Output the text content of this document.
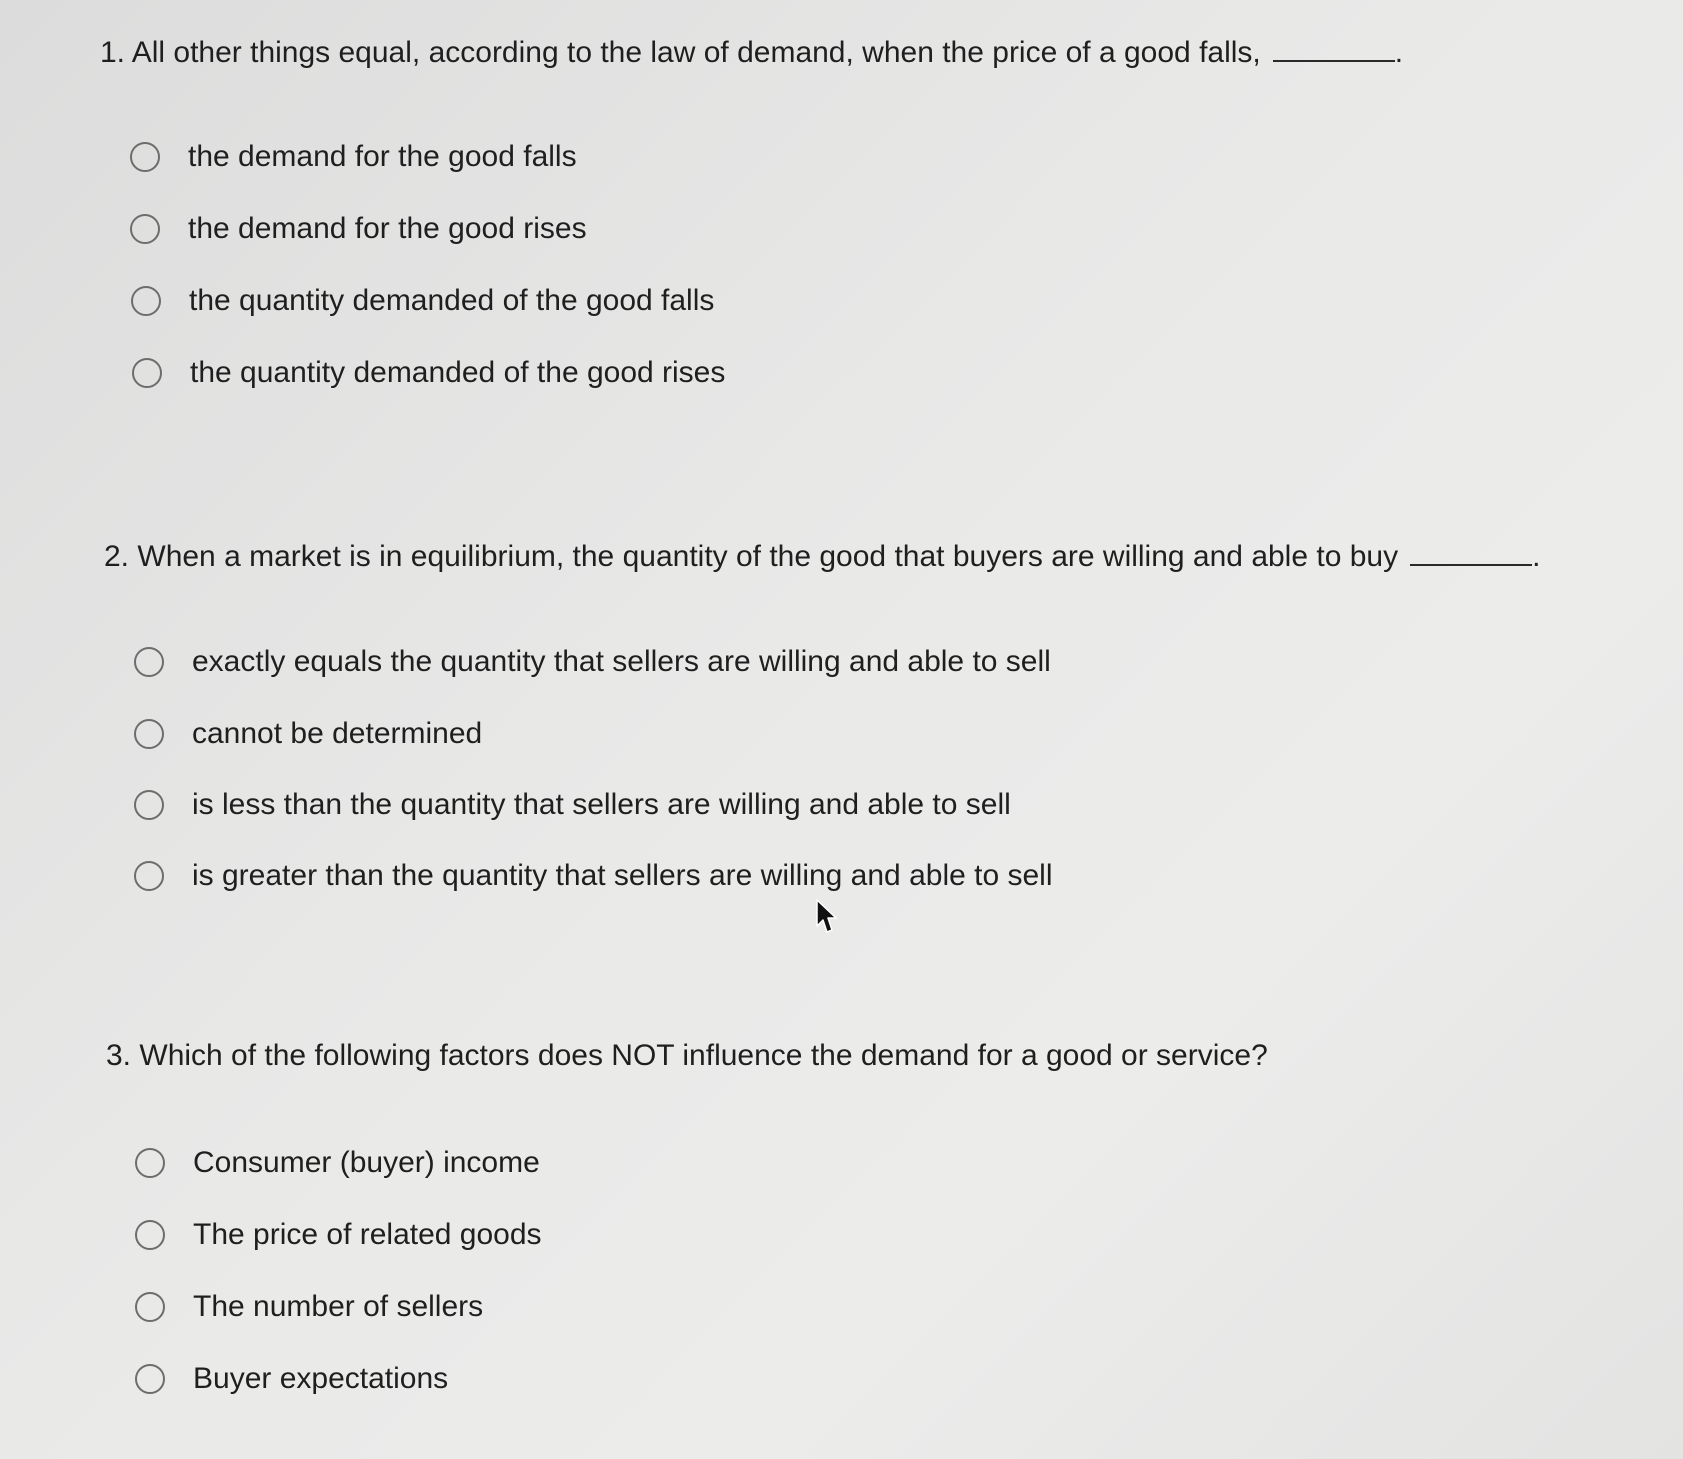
1. All other things equal, according to the law of demand, when the price of a good falls,	.
the demand for the good falls
the demand for the good rises
the quantity demanded of the good falls
the quantity demanded of the good rises
2. When a market is in equilibrium, the quantity of the good that buyers are willing and able to buy	.
exactly equals the quantity that sellers are willing and able to sell
cannot be determined
is less than the quantity that sellers are willing and able to sell
is greater than the quantity that sellers are willing and able to sell
3. Which of the following factors does NOT influence the demand for a good or service?
Consumer (buyer) income
The price of related goods
The number of sellers
Buyer expectations
